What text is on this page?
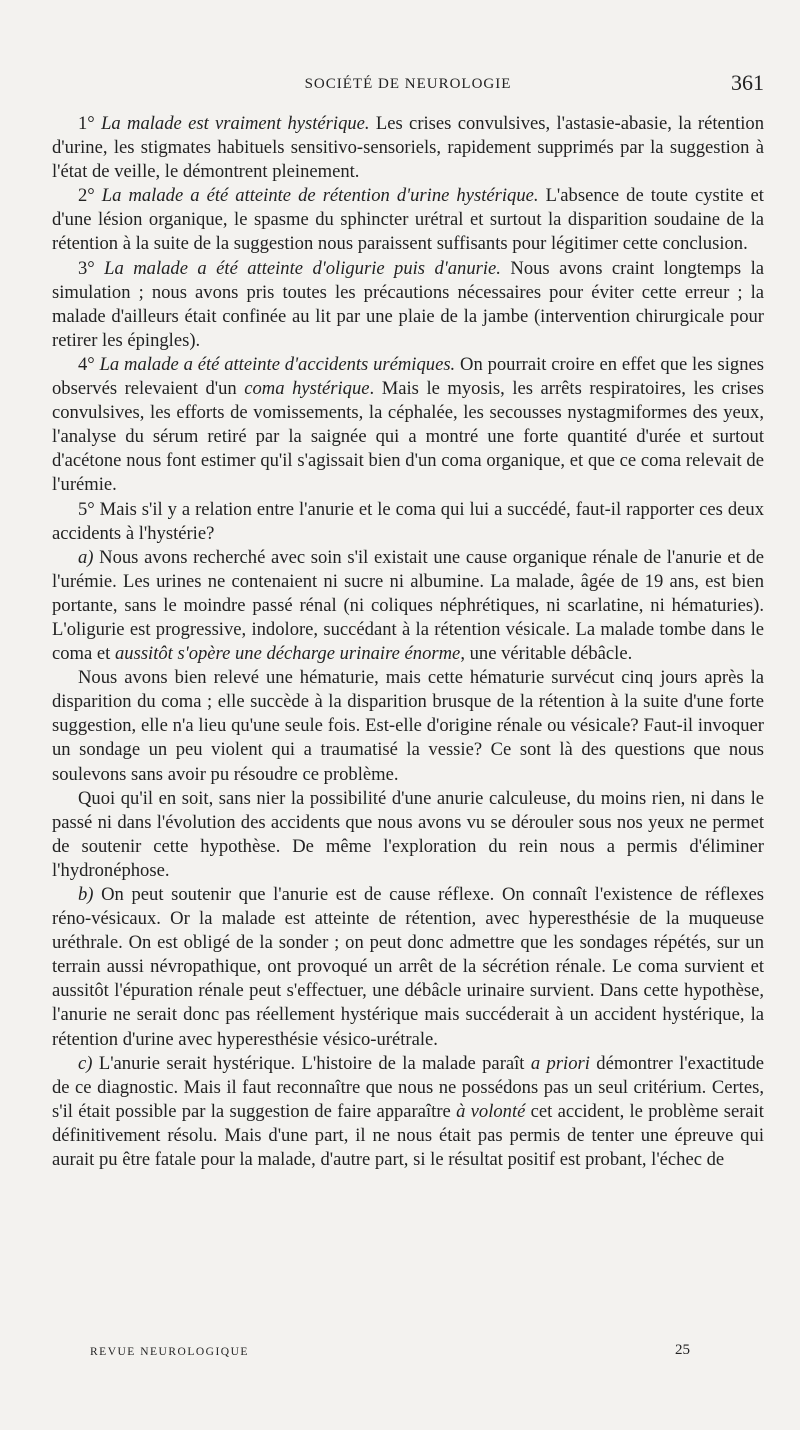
SOCIÉTÉ DE NEUROLOGIE	361

1° La malade est vraiment hystérique. Les crises convulsives, l'astasie-abasie, la rétention d'urine, les stigmates habituels sensitivo-sensoriels, rapidement supprimés par la suggestion à l'état de veille, le démontrent pleinement.

2° La malade a été atteinte de rétention d'urine hystérique. L'absence de toute cystite et d'une lésion organique, le spasme du sphincter urétral et surtout la disparition soudaine de la rétention à la suite de la suggestion nous paraissent suffisants pour légitimer cette conclusion.

3° La malade a été atteinte d'oligurie puis d'anurie. Nous avons craint longtemps la simulation ; nous avons pris toutes les précautions nécessaires pour éviter cette erreur ; la malade d'ailleurs était confinée au lit par une plaie de la jambe (intervention chirurgicale pour retirer les épingles).

4° La malade a été atteinte d'accidents urémiques. On pourrait croire en effet que les signes observés relevaient d'un coma hystérique. Mais le myosis, les arrêts respiratoires, les crises convulsives, les efforts de vomissements, la céphalée, les secousses nystagmiformes des yeux, l'analyse du sérum retiré par la saignée qui a montré une forte quantité d'urée et surtout d'acétone nous font estimer qu'il s'agissait bien d'un coma organique, et que ce coma relevait de l'urémie.

5° Mais s'il y a relation entre l'anurie et le coma qui lui a succédé, faut-il rapporter ces deux accidents à l'hystérie?

a) Nous avons recherché avec soin s'il existait une cause organique rénale de l'anurie et de l'urémie. Les urines ne contenaient ni sucre ni albumine. La malade, âgée de 19 ans, est bien portante, sans le moindre passé rénal (ni coliques néphrétiques, ni scarlatine, ni hématuries). L'oligurie est progressive, indolore, succédant à la rétention vésicale. La malade tombe dans le coma et aussitôt s'opère une décharge urinaire énorme, une véritable débâcle.

Nous avons bien relevé une hématurie, mais cette hématurie survécut cinq jours après la disparition du coma ; elle succède à la disparition brusque de la rétention à la suite d'une forte suggestion, elle n'a lieu qu'une seule fois. Est-elle d'origine rénale ou vésicale? Faut-il invoquer un sondage un peu violent qui a traumatisé la vessie? Ce sont là des questions que nous soulevons sans avoir pu résoudre ce problème.

Quoi qu'il en soit, sans nier la possibilité d'une anurie calculeuse, du moins rien, ni dans le passé ni dans l'évolution des accidents que nous avons vu se dérouler sous nos yeux ne permet de soutenir cette hypothèse. De même l'exploration du rein nous a permis d'éliminer l'hydronéphose.

b) On peut soutenir que l'anurie est de cause réflexe. On connaît l'existence de réflexes réno-vésicaux. Or la malade est atteinte de rétention, avec hyperesthésie de la muqueuse uréthrale. On est obligé de la sonder ; on peut donc admettre que les sondages répétés, sur un terrain aussi névropathique, ont provoqué un arrêt de la sécrétion rénale. Le coma survient et aussitôt l'épuration rénale peut s'effectuer, une débâcle urinaire survient. Dans cette hypothèse, l'anurie ne serait donc pas réellement hystérique mais succéderait à un accident hystérique, la rétention d'urine avec hyperesthésie vésico-urétrale.

c) L'anurie serait hystérique. L'histoire de la malade paraît a priori démontrer l'exactitude de ce diagnostic. Mais il faut reconnaître que nous ne possédons pas un seul critérium. Certes, s'il était possible par la suggestion de faire apparaître à volonté cet accident, le problème serait définitivement résolu. Mais d'une part, il ne nous était pas permis de tenter une épreuve qui aurait pu être fatale pour la malade, d'autre part, si le résultat positif est probant, l'échec de

REVUE NEUROLOGIQUE	25
